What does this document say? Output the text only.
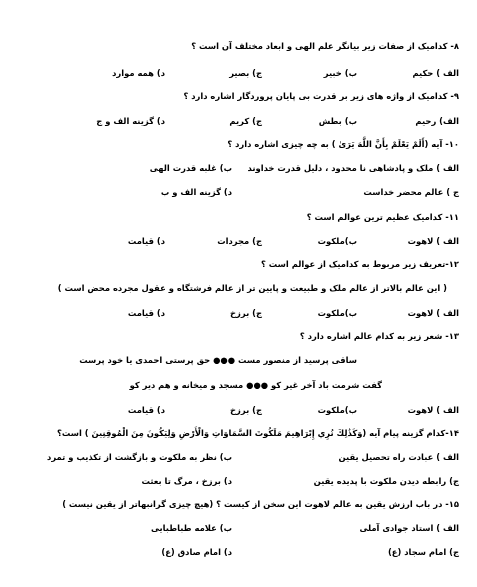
۸- کدامیک از صفات زیر بیانگر علم الهی و ابعاد مختلف آن است ؟
الف ) حکیم
ب) خبیر
ج) بصیر
د) همه موارد
۹- کدامیک از واژه های زیر بر قدرت بی پایان پروردگار اشاره دارد ؟
الف) رحیم
ب) بطش
ج) کریم
د) گزینه الف و ج
۱۰- آیه (أَلَمْ يَعْلَمْ بِأَنَّ اللَّهَ يَرَىٰ ) به چه چیزی اشاره دارد ؟
الف ) ملک و پادشاهی نا محدود ، دلیل قدرت خداوند
ب) غلبه قدرت الهی
ج ) عالم محضر خداست
د) گزینه الف و ب
۱۱- کدامیک عظیم ترین عوالم است ؟
الف ) لاهوت
ب)ملکوت
ج) مجردات
د) قیامت
۱۲-تعریف زیر مربوط به کدامیک از عوالم است ؟
( این عالم بالاتر از عالم ملک و طبیعت و پایین تر از عالم فرشتگاه و عقول مجرده محض است )
الف ) لاهوت
ب)ملکوت
ج) برزخ
د) قیامت
۱۳- شعر زیر به کدام عالم اشاره دارد ؟
ساقی پرسید از منصور مست ●●● حق پرستی احمدی یا خود پرست
گفت شرمت باد آخر غیر کو ●●● مسجد و میخانه و هم دیر کو
الف ) لاهوت
ب)ملکوت
ج) برزخ
د) قیامت
۱۴-کدام گزینه پیام آیه (وَكَذَٰلِكَ نُرِي إِبْرَاهِيمَ مَلَكُوتَ السَّمَاوَاتِ وَالْأَرْضِ وَلِيَكُونَ مِنَ الْمُوقِنِينَ ) است؟
الف ) عبادت راه تحصیل یقین
ب) نظر به ملکوت و بازگشت از تکذیب و تمرد
ج) رابطه دیدن ملکوت با پدیده یقین
د) برزخ ، مرگ تا بعثت
۱۵- در باب ارزش یقین به عالم لاهوت این سخن از کیست ؟ (هیچ چیزی گرانبهاتر از یقین نیست )
الف ) استاد جوادی آملی
ب) علامه طباطبایی
ج) امام سجاد (ع)
د) امام صادق (ع)
